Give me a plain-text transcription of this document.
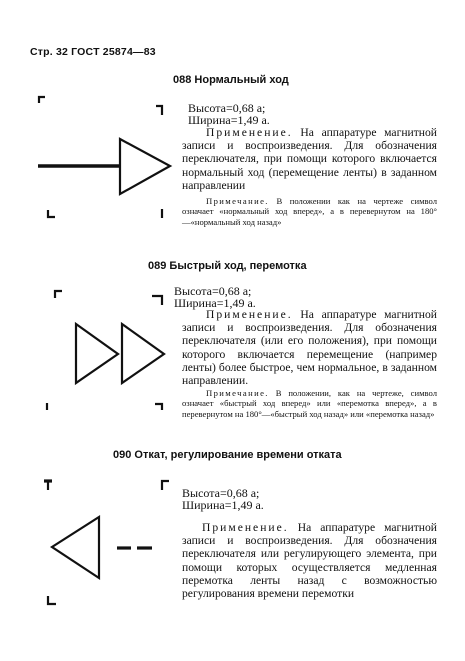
Стр. 32 ГОСТ 25874—83
088 Нормальный ход
Высота=0,68 a;
Ширина=1,49 a.
Применение. На аппаратуре магнитной записи и воспроизведения. Для обозначения переключателя, при помощи которого включается нормальный ход (перемещение ленты) в заданном направлении
Примечание. В положении как на чертеже символ означает «нормальный ход вперед», а в перевернутом на 180°—«нормальный ход назад»
089 Быстрый ход, перемотка
Высота=0,68 a;
Ширина=1,49 a.
Применение. На аппаратуре магнитной записи и воспроизведения. Для обозначения переключателя (или его положения), при помощи которого включается перемещение (например ленты) более быстрое, чем нормальное, в заданном направлении.
Примечание. В положении, как на чертеже, символ означает «быстрый ход вперед» или «перемотка вперед», а в перевернутом на 180°—«быстрый ход назад» или «перемотка назад»
090 Откат, регулирование времени отката
Высота=0,68 a;
Ширина=1,49 a.
Применение. На аппаратуре магнитной записи и воспроизведения. Для обозначения переключателя или регулирующего элемента, при помощи которых осуществляется медленная перемотка ленты назад с возможностью регулирования времени перемотки
